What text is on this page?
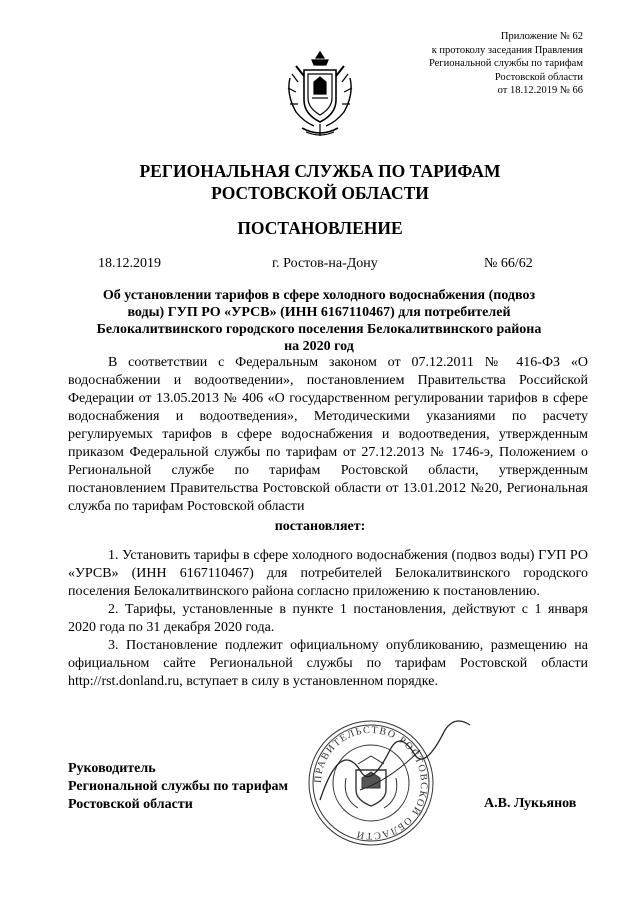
Приложение № 62
к протоколу заседания Правления
Региональной службы по тарифам
Ростовской области
от 18.12.2019 № 66
РЕГИОНАЛЬНАЯ СЛУЖБА ПО ТАРИФАМ
РОСТОВСКОЙ ОБЛАСТИ
ПОСТАНОВЛЕНИЕ
18.12.2019	г. Ростов-на-Дону	№ 66/62
Об установлении тарифов в сфере холодного водоснабжения (подвоз
воды) ГУП РО «УРСВ» (ИНН 6167110467) для потребителей
Белокалитвинского городского поселения Белокалитвинского района
на 2020 год

В соответствии с Федеральным законом от 07.12.2011 № 416-ФЗ «О водоснабжении и водоотведении», постановлением Правительства Российской Федерации от 13.05.2013 № 406 «О государственном регулировании тарифов в сфере водоснабжения и водоотведения», Методическими указаниями по расчету регулируемых тарифов в сфере водоснабжения и водоотведения, утвержденным приказом Федеральной службы по тарифам от 27.12.2013 № 1746-э, Положением о Региональной службе по тарифам Ростовской области, утвержденным постановлением Правительства Ростовской области от 13.01.2012 №20, Региональная служба по тарифам Ростовской области

постановляет:

1. Установить тарифы в сфере холодного водоснабжения (подвоз воды) ГУП РО «УРСВ» (ИНН 6167110467) для потребителей Белокалитвинского городского поселения Белокалитвинского района согласно приложению к постановлению.

2. Тарифы, установленные в пункте 1 постановления, действуют с 1 января 2020 года по 31 декабря 2020 года.

3. Постановление подлежит официальному опубликованию, размещению на официальном сайте Региональной службы по тарифам Ростовской области http://rst.donland.ru, вступает в силу в установленном порядке.

ПРАВИТЕЛЬСТВО РОСТОВСКОЙ ОБЛАСТИ
Руководитель
Региональной службы по тарифам
Ростовской области	А.В. Лукьянов
